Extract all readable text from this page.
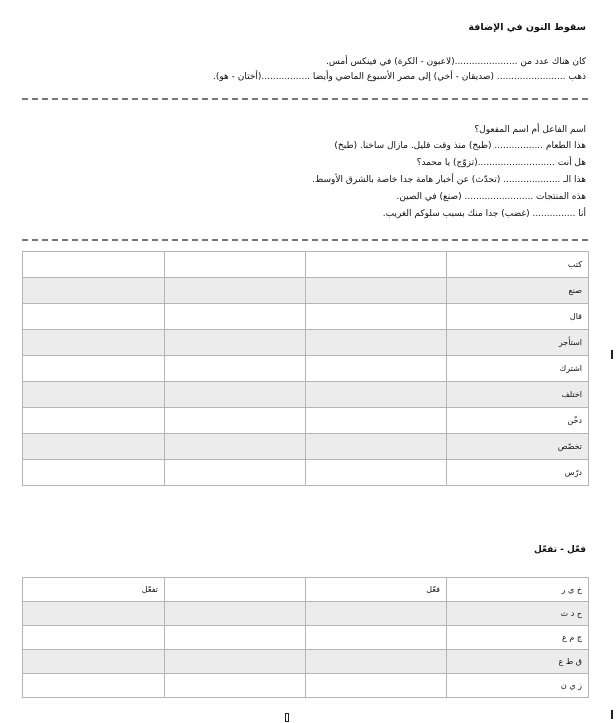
سقوط النون في الإضافة
كان هناك عدد من ......................(لاعبون - الكرة) في فينكس أمس.
ذهب ........................ (صديقان - أخي) إلى مصر الأسبوع الماضي وأيضا .................(أختان - هو).
اسم الفاعل أم اسم المفعول؟
هذا الطعام ................. (طبخ) منذ وقت قليل. مازال ساخنا. (طبخ)
هل أنت ...........................(تزوّج) يا محمد؟
هذا الـ .................... (تحدّث) عن أخبار هامة جدا خاصة بالشرق الأوسط.
هذه المنتجات ........................ (صنع) في الصين.
أنا ............... (غضب) جدا منك بسبب سلوكم الغريب.
كتب			
صنع			
قال			
استأجر			
اشترك			
اختلف			
دخّن			
تخصّص			
درّس			
فعّل - تفعّل
خ ي ر	فعّل		تفعّل
ح د ث			
ج م ع			
ق ط ع			
ز ي ن			
